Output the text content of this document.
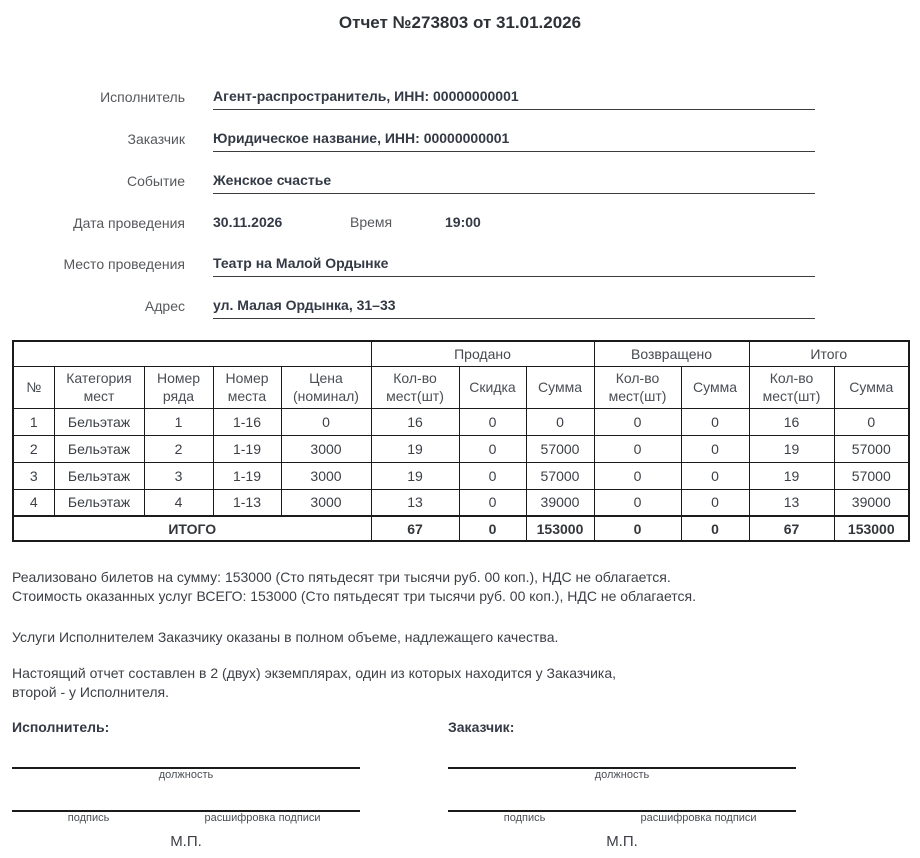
Отчет №273803 от 31.01.2026
Исполнитель Агент-распространитель, ИНН: 00000000001
Заказчик Юридическое название, ИНН: 00000000001
Событие Женское счастье
Дата проведения 30.11.2026	Время	19:00
Место проведения Театр на Малой Ордынке
Адрес ул. Малая Ордынка, 31–33
					Продано			Возвращено		Итого	
№	Категория мест	Номер ряда	Номер места	Цена (номинал)	Кол-во мест(шт)	Скидка	Сумма	Кол-во мест(шт)	Сумма	Кол-во мест(шт)	Сумма
1	Бельэтаж	1	1-16	0	16	0	0	0	0	16	0
2	Бельэтаж	2	1-19	3000	19	0	57000	0	0	19	57000
3	Бельэтаж	3	1-19	3000	19	0	57000	0	0	19	57000
4	Бельэтаж	4	1-13	3000	13	0	39000	0	0	13	39000
ИТОГО					67	0	153000	0	0	67	153000
Реализовано билетов на сумму: 153000 (Сто пятьдесят три тысячи руб. 00 коп.), НДС не облагается.
Стоимость оказанных услуг ВСЕГО: 153000 (Сто пятьдесят три тысячи руб. 00 коп.), НДС не облагается.
Услуги Исполнителем Заказчику оказаны в полном объеме, надлежащего качества.
Настоящий отчет составлен в 2 (двух) экземплярах, один из которых находится у Заказчика,
второй - у Исполнителя.
Исполнитель:
должность
подпись	расшифровка подписи
М.П.
Заказчик:
должность
подпись	расшифровка подписи
М.П.
